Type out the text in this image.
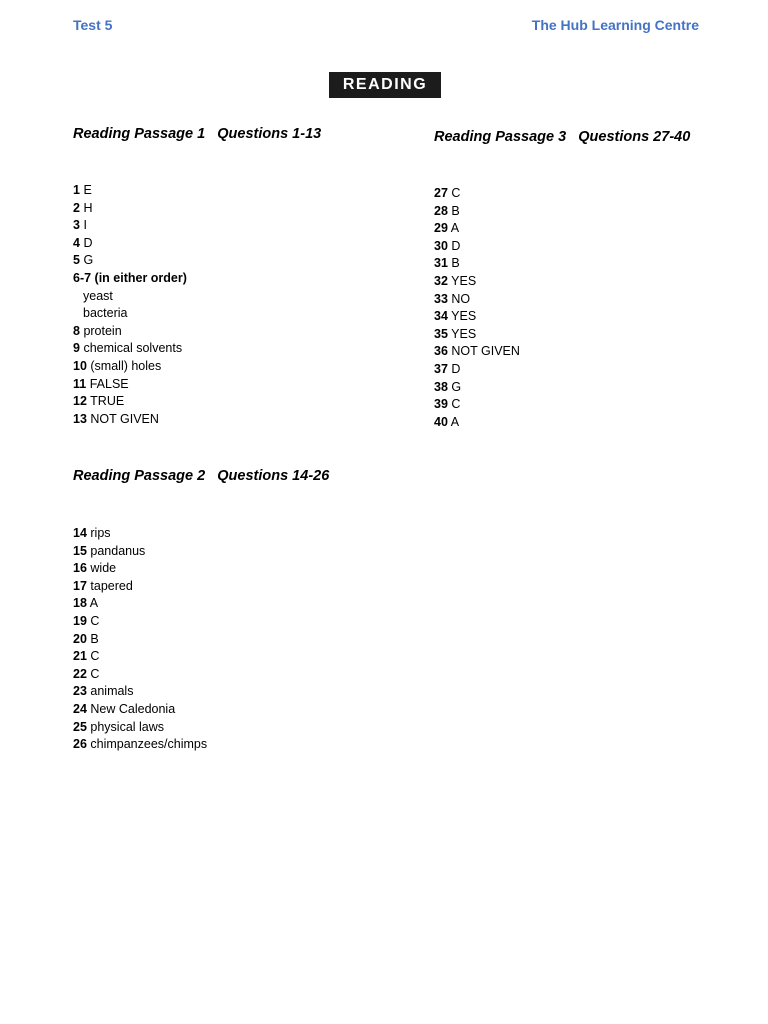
Test 5	The Hub Learning Centre
READING

Reading Passage 1   Questions 1-13

1 E
2 H
3 I
4 D
5 G
6-7 (in either order)
yeast
bacteria
8 protein
9 chemical solvents
10 (small) holes
11 FALSE
12 TRUE
13 NOT GIVEN

Reading Passage 2   Questions 14-26

14 rips
15 pandanus
16 wide
17 tapered
18 A
19 C
20 B
21 C
22 C
23 animals
24 New Caledonia
25 physical laws
26 chimpanzees/chimps

Reading Passage 3   Questions 27-40

27 C
28 B
29 A
30 D
31 B
32 YES
33 NO
34 YES
35 YES
36 NOT GIVEN
37 D
38 G
39 C
40 A
